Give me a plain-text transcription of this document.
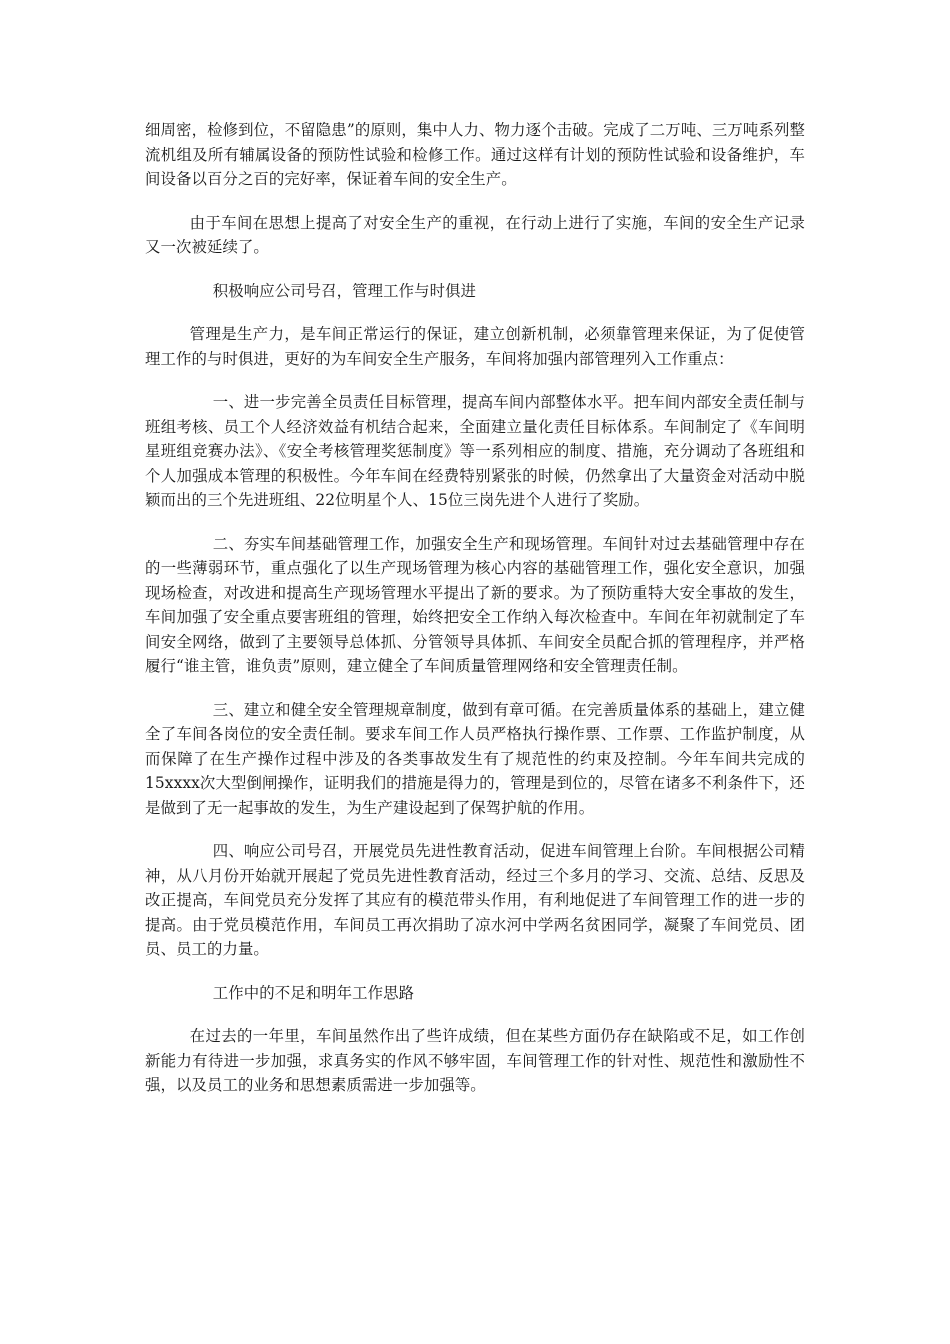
细周密，检修到位，不留隐患”的原则，集中人力、物力逐个击破。完成了二万吨、三万吨系列整流机组及所有辅属设备的预防性试验和检修工作。通过这样有计划的预防性试验和设备维护，车间设备以百分之百的完好率，保证着车间的安全生产。

由于车间在思想上提高了对安全生产的重视，在行动上进行了实施，车间的安全生产记录又一次被延续了。

积极响应公司号召，管理工作与时俱进

管理是生产力，是车间正常运行的保证，建立创新机制，必须靠管理来保证，为了促使管理工作的与时俱进，更好的为车间安全生产服务，车间将加强内部管理列入工作重点：

一、进一步完善全员责任目标管理，提高车间内部整体水平。把车间内部安全责任制与班组考核、员工个人经济效益有机结合起来，全面建立量化责任目标体系。车间制定了《车间明星班组竞赛办法》、《安全考核管理奖惩制度》等一系列相应的制度、措施，充分调动了各班组和个人加强成本管理的积极性。今年车间在经费特别紧张的时候，仍然拿出了大量资金对活动中脱颖而出的三个先进班组、22位明星个人、15位三岗先进个人进行了奖励。

二、夯实车间基础管理工作，加强安全生产和现场管理。车间针对过去基础管理中存在的一些薄弱环节，重点强化了以生产现场管理为核心内容的基础管理工作，强化安全意识，加强现场检查，对改进和提高生产现场管理水平提出了新的要求。为了预防重特大安全事故的发生，车间加强了安全重点要害班组的管理，始终把安全工作纳入每次检查中。车间在年初就制定了车间安全网络，做到了主要领导总体抓、分管领导具体抓、车间安全员配合抓的管理程序，并严格履行“谁主管，谁负责”原则，建立健全了车间质量管理网络和安全管理责任制。

三、建立和健全安全管理规章制度，做到有章可循。在完善质量体系的基础上，建立健全了车间各岗位的安全责任制。要求车间工作人员严格执行操作票、工作票、工作监护制度，从而保障了在生产操作过程中涉及的各类事故发生有了规范性的约束及控制。今年车间共完成的15xxxx次大型倒闸操作，证明我们的措施是得力的，管理是到位的，尽管在诸多不利条件下，还是做到了无一起事故的发生，为生产建设起到了保驾护航的作用。

四、响应公司号召，开展党员先进性教育活动，促进车间管理上台阶。车间根据公司精神，从八月份开始就开展起了党员先进性教育活动，经过三个多月的学习、交流、总结、反思及改正提高，车间党员充分发挥了其应有的模范带头作用，有利地促进了车间管理工作的进一步的提高。由于党员模范作用，车间员工再次捐助了凉水河中学两名贫困同学，凝聚了车间党员、团员、员工的力量。

工作中的不足和明年工作思路

在过去的一年里，车间虽然作出了些许成绩，但在某些方面仍存在缺陷或不足，如工作创新能力有待进一步加强，求真务实的作风不够牢固，车间管理工作的针对性、规范性和激励性不强，以及员工的业务和思想素质需进一步加强等。
